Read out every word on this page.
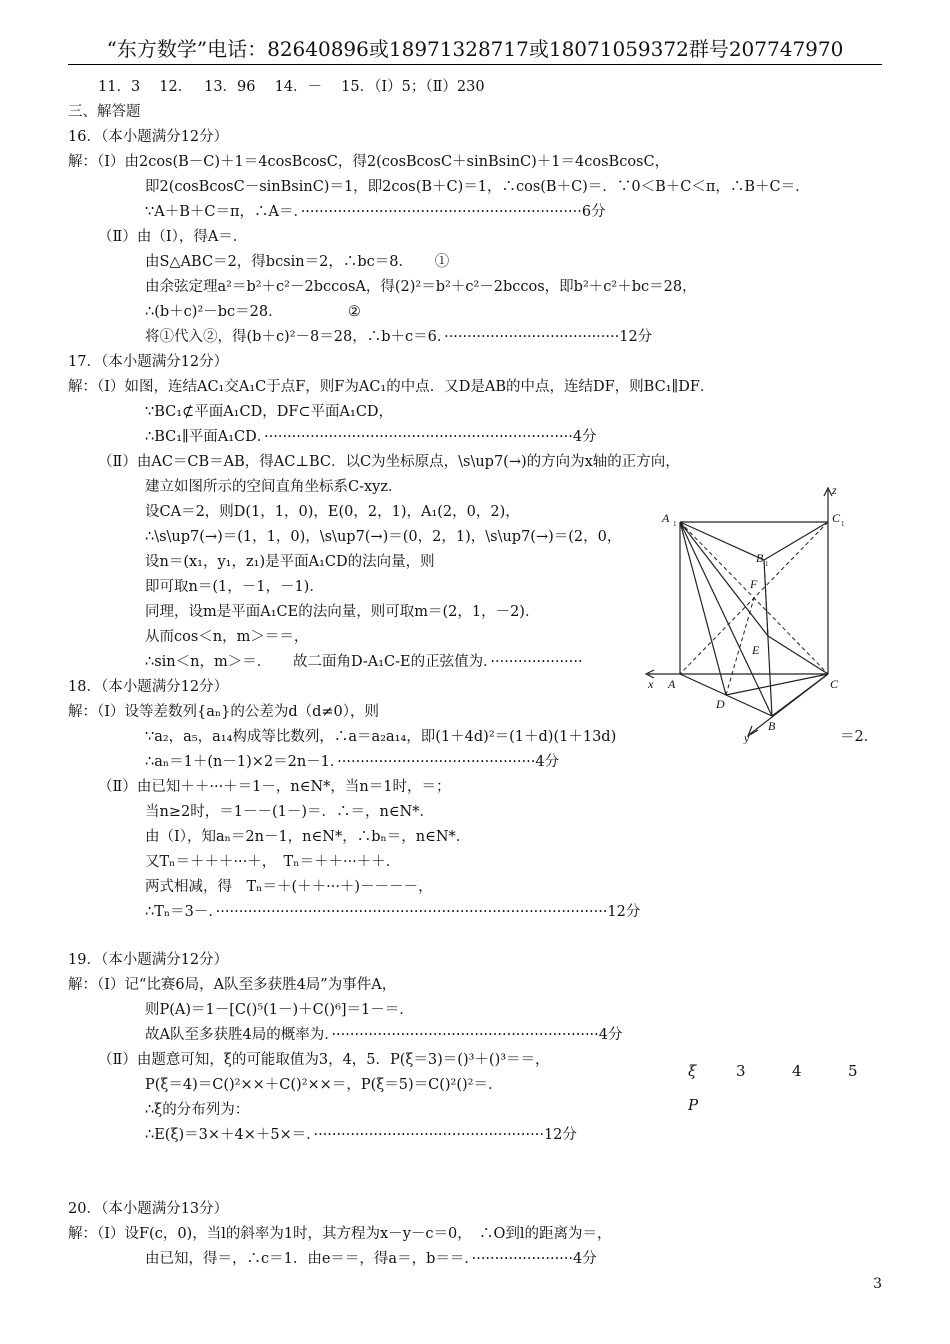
“东方数学”电话：82640896或18971328717或18071059372群号207747970
11．3　 12．　 13．96　 14．－　 15．（Ⅰ）5；（Ⅱ）230
三、解答题
16．（本小题满分12分）
解：（Ⅰ）由2cos(B－C)＋1＝4cosBcosC，得2(cosBcosC＋sinBsinC)＋1＝4cosBcosC，
即2(cosBcosC－sinBsinC)＝1，即2cos(B＋C)＝1，∴cos(B＋C)＝．∵0＜B＋C＜π，∴B＋C＝．
∵A＋B＋C＝π，∴A＝．·····························································6分
（Ⅱ）由（Ⅰ），得A＝．
由S△ABC＝2，得bcsin＝2，∴bc＝8．　　①
由余弦定理a²＝b²＋c²－2bccosA，得(2)²＝b²＋c²－2bccos，即b²＋c²＋bc＝28，
∴(b＋c)²－bc＝28．　　　　　②
将①代入②，得(b＋c)²－8＝28，∴b＋c＝6．······································12分
17．（本小题满分12分）
解：（Ⅰ）如图，连结AC₁交A₁C于点F，则F为AC₁的中点．又D是AB的中点，连结DF，则BC₁∥DF．
∵BC₁⊄平面A₁CD，DF⊂平面A₁CD，
∴BC₁∥平面A₁CD．···································································4分
（Ⅱ）由AC＝CB＝AB，得AC⊥BC．以C为坐标原点，\s\up7(→)的方向为x轴的正方向，
建立如图所示的空间直角坐标系C-xyz．
设CA＝2，则D(1，1，0)，E(0，2，1)，A₁(2，0，2)，
∴\s\up7(→)＝(1，1，0)，\s\up7(→)＝(0，2，1)，\s\up7(→)＝(2，0，
设n＝(x₁，y₁，z₁)是平面A₁CD的法向量，则
即可取n＝(1，－1，－1)．
同理，设m是平面A₁CE的法向量，则可取m＝(2，1，－2)．
从而cos＜n，m＞＝＝，
∴sin＜n，m＞＝．　　故二面角D-A₁C-E的正弦值为．····················
18．（本小题满分12分）
解：（Ⅰ）设等差数列{aₙ}的公差为d（d≠0），则
∵a₂，a₅，a₁₄构成等比数列，∴a＝a₂a₁₄，即(1＋4d)²＝(1＋d)(1＋13d)	＝2．
∴aₙ＝1＋(n－1)×2＝2n－1．···········································4分
（Ⅱ）由已知＋＋···＋＝1－，n∈N*，当n＝1时，＝；
当n≥2时，＝1－－(1－)＝．∴＝，n∈N*．
由（Ⅰ），知aₙ＝2n－1，n∈N*，∴bₙ＝，n∈N*．
又Tₙ＝＋＋＋···＋，　Tₙ＝＋＋···＋＋．
两式相减，得　Tₙ＝＋(＋＋···＋)－－－－，
∴Tₙ＝3－．·····················································································12分
19．（本小题满分12分）
解：（Ⅰ）记“比赛6局，A队至多获胜4局”为事件A，
则P(A)＝1－[C()⁵(1－)＋C()⁶]＝1－＝．
故A队至多获胜4局的概率为．··························································4分
（Ⅱ）由题意可知，ξ的可能取值为3，4，5．P(ξ＝3)＝()³＋()³＝＝，
P(ξ＝4)＝C()²××＋C()²××＝，P(ξ＝5)＝C()²()²＝．
∴ξ的分布列为：
∴E(ξ)＝3×＋4×＋5×＝．··················································12分
20．（本小题满分13分）
解：（Ⅰ）设F(c，0)，当l的斜率为1时，其方程为x－y－c＝0，　∴O到l的距离为＝，
由已知，得＝，∴c＝1．由e＝＝，得a＝，b＝＝．······················4分
ξ	3	4	5
P
A 1	C 1
B 1
F
E
A	C
D
B
x
y
z
3
